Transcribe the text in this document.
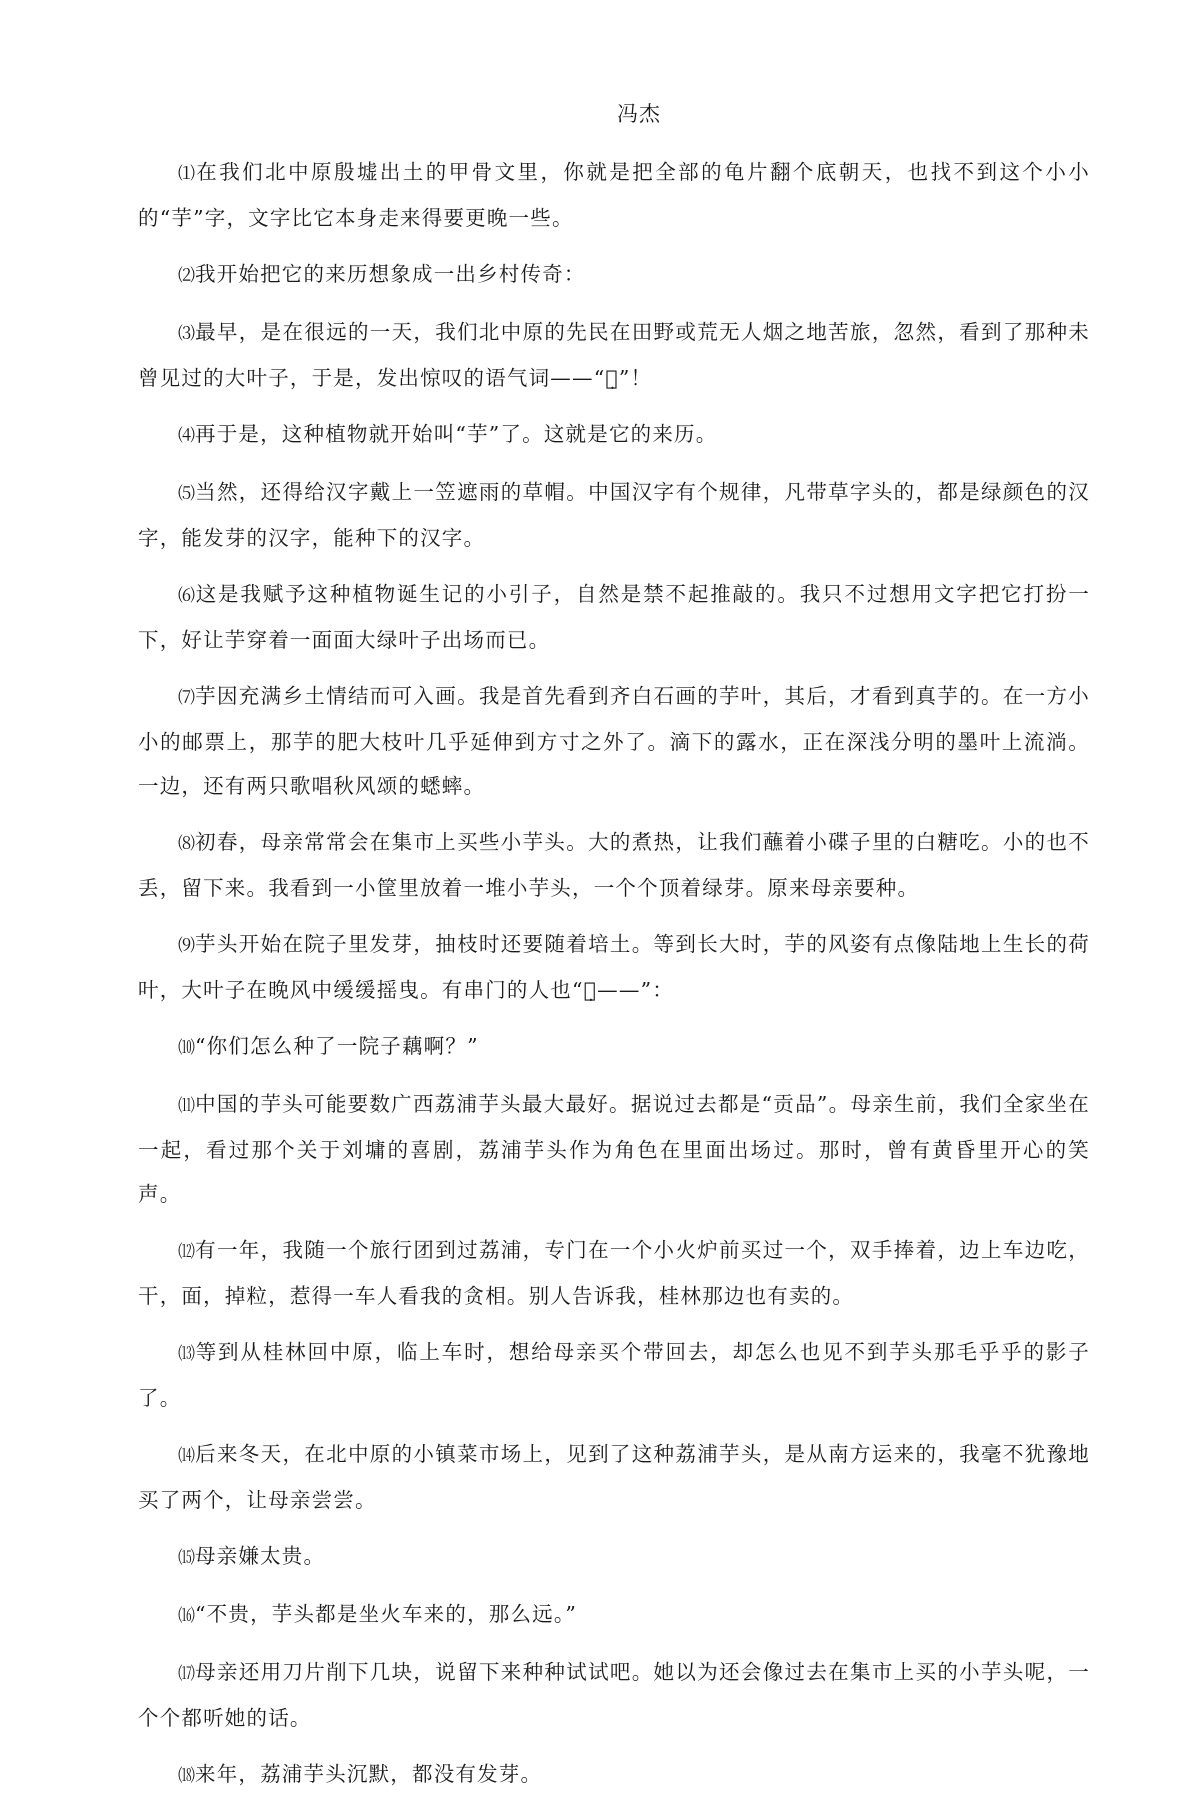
冯杰

⑴在我们北中原殷墟出土的甲骨文里，你就是把全部的龟片翻个底朝天，也找不到这个小小的“芋”字，文字比它本身走来得要更晚一些。

⑵我开始把它的来历想象成一出乡村传奇：

⑶最早，是在很远的一天，我们北中原的先民在田野或荒无人烟之地苦旅，忽然，看到了那种未曾见过的大叶子，于是，发出惊叹的语气词——“吁̣”！

⑷再于是，这种植物就开始叫“芋”了。这就是它的来历。

⑸当然，还得给汉字戴上一笠遮雨的草帽。中国汉字有个规律，凡带草字头的，都是绿颜色的汉字，能发芽的汉字，能种下的汉字。

⑹这是我赋予这种植物诞生记的小引子，自然是禁不起推敲的。我只不过想用文字把它打扮一下，好让芋穿着一面面大绿叶子出场而已。

⑺芋因充满乡土情结而可入画。我是首先看到齐白石画的芋叶，其后，才看到真芋的。在一方小小的邮票上，那芋的肥大枝叶几乎延伸到方寸之外了。滴下的露水，正在深浅分明的墨叶上流淌。一边，还有两只歌唱秋风颂的蟋蟀。

⑻初春，母亲常常会在集市上买些小芋头。大的煮热，让我们蘸着小碟子里的白糖吃。小的也不丢，留下来。我看到一小筐里放着一堆小芋头，一个个顶着绿芽。原来母亲要种。

⑼芋头开始在院子里发芽，抽枝时还要随着培土。等到长大时，芋的风姿有点像陆地上生长的荷叶，大叶子在晚风中缓缓摇曳。有串门的人也“吁̣——”：

⑽“你们怎么种了一院子藕啊？”

⑾中国的芋头可能要数广西荔浦芋头最大最好。据说过去都是“贡品”。母亲生前，我们全家坐在一起，看过那个关于刘墉的喜剧，荔浦芋头作为角色在里面出场过。那时，曾有黄昏里开心的笑声。

⑿有一年，我随一个旅行团到过荔浦，专门在一个小火炉前买过一个，双手捧着，边上车边吃，干，面，掉粒，惹得一车人看我的贪相。别人告诉我，桂林那边也有卖的。

⒀等到从桂林回中原，临上车时，想给母亲买个带回去，却怎么也见不到芋头那毛乎乎的影子了。

⒁后来冬天，在北中原的小镇菜市场上，见到了这种荔浦芋头，是从南方运来的，我毫不犹豫地买了两个，让母亲尝尝。

⒂母亲嫌太贵。

⒃“不贵，芋头都是坐火车来的，那么远。”

⒄母亲还用刀片削下几块，说留下来种种试试吧。她以为还会像过去在集市上买的小芋头呢，一个个都听她的话。

⒅来年，荔浦芋头沉默，都没有发芽。
